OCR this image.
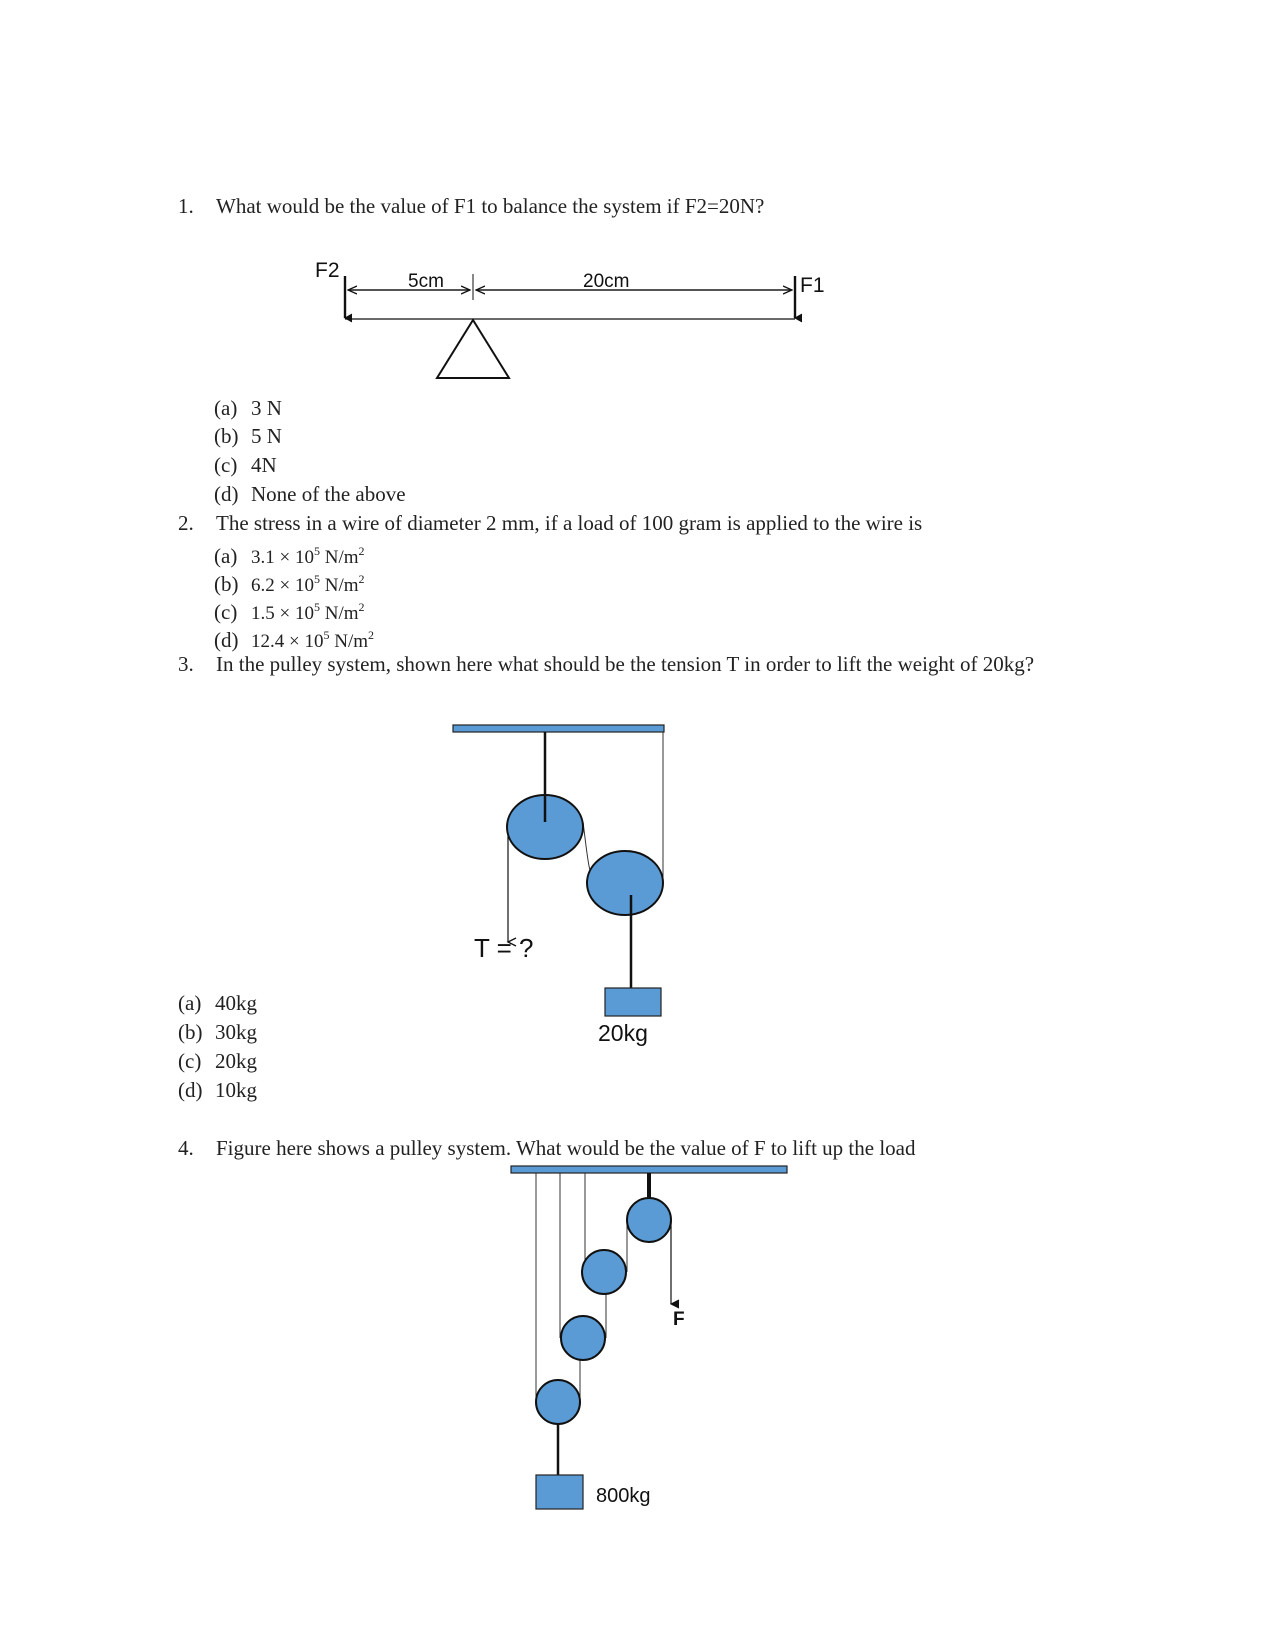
1. What would be the value of F1 to balance the system if F2=20N?
F2
F1
5cm	20cm
(a) 3 N
(b) 5 N
(c) 4N
(d) None of the above
2. The stress in a wire of diameter 2 mm, if a load of 100 gram is applied to the wire is
(a) $3.1 \times 10^5$ $N/m^2$
(b) $6.2 \times 10^5$ $N/m^2$
(c) $1.5 \times 10^5$ $N/m^2$
(d) $12.4 \times 10^5$ $N/m^2$
3. In the pulley system, shown here what should be the tension T in order to lift the weight of 20kg?
T = ?
20kg
(a) 40kg
(b) 30kg
(c) 20kg
(d) 10kg
4. Figure here shows a pulley system. What would be the value of F to lift up the load
F
800kg
